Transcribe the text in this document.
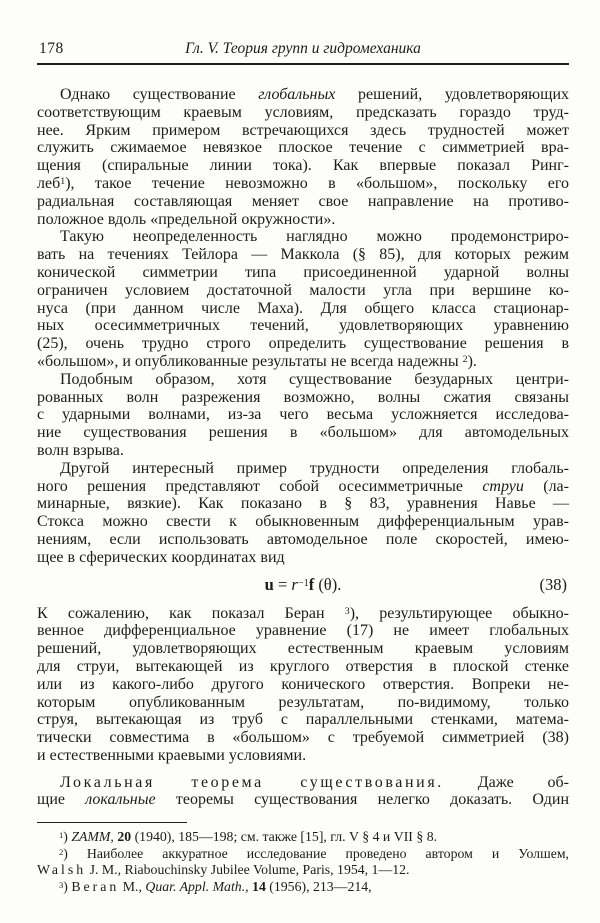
178	Гл. V. Теория групп и гидромеханика
Однако существование глобальных решений, удовлетворяющих
соответствующим краевым условиям, предсказать гораздо труд-
нее. Ярким примером встречающихся здесь трудностей может
служить сжимаемое невязкое плоское течение с симметрией вра-
щения (спиральные линии тока). Как впервые показал Ринг-
леб$^1$), такое течение невозможно в «большом», поскольку его
радиальная составляющая меняет свое направление на противо-
положное вдоль «предельной окружности».
Такую неопределенность наглядно можно продемонстриро-
вать на течениях Тейлора — Маккола (§ 85), для которых режим
конической симметрии типа присоединенной ударной волны
ограничен условием достаточной малости угла при вершине ко-
нуса (при данном числе Маха). Для общего класса стационар-
ных осесимметричных течений, удовлетворяющих уравнению
(25), очень трудно строго определить существование решения в
«большом», и опубликованные результаты не всегда надежны $^2$).
Подобным образом, хотя существование безударных центри-
рованных волн разрежения возможно, волны сжатия связаны
с ударными волнами, из-за чего весьма усложняется исследова-
ние существования решения в «большом» для автомодельных
волн взрыва.
Другой интересный пример трудности определения глобаль-
ного решения представляют собой осесимметричные струи (ла-
минарные, вязкие). Как показано в § 83, уравнения Навье —
Стокса можно свести к обыкновенным дифференциальным урав-
нениям, если использовать автомодельное поле скоростей, имею-
щее в сферических координатах вид
$u = r^{-1}f$ (θ).	(38)
К сожалению, как показал Беран $^3$), результирующее обыкно-
венное дифференциальное уравнение (17) не имеет глобальных
решений, удовлетворяющих естественным краевым условиям
для струи, вытекающей из круглого отверстия в плоской стенке
или из какого-либо другого конического отверстия. Вопреки не-
которым опубликованным результатам, по-видимому, только
струя, вытекающая из труб с параллельными стенками, матема-
тически совместима в «большом» с требуемой симметрией (38)
и естественными краевыми условиями.
Локальная теорема существования. Даже об-
щие локальные теоремы существования нелегко доказать. Один
$^1$) ZAMM, 20 (1940), 185—198; см. также [15], гл. V § 4 и VII § 8.
$^2$) Наиболее аккуратное исследование проведено автором и Уолшем,
Walsh J. M., Riabouchinsky Jubilee Volume, Paris, 1954, 1—12.
$^3$) Beran M., Quar. Appl. Math., 14 (1956), 213—214,
